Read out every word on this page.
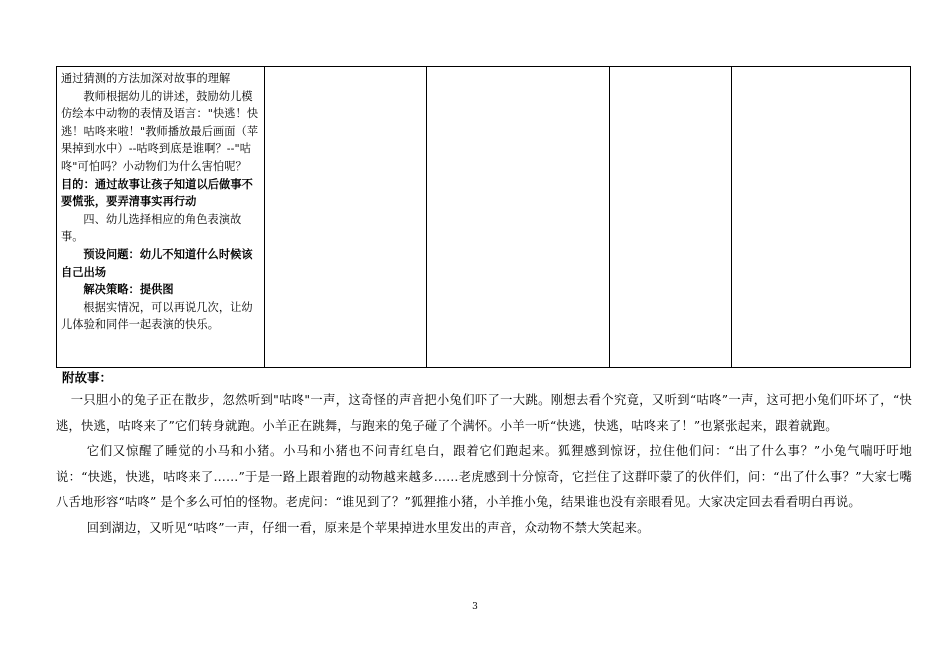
通过猜测的方法加深对故事的理解

教师根据幼儿的讲述，鼓励幼儿模仿绘本中动物的表情及语言："快逃！快逃！咕咚来啦！"教师播放最后画面（苹果掉到水中）--咕咚到底是谁啊？--"咕咚"可怕吗？小动物们为什么害怕呢？

目的：通过故事让孩子知道以后做事不要慌张，要弄清事实再行动

四、幼儿选择相应的角色表演故事。

预设问题：幼儿不知道什么时候该自己出场

解决策略：提供图

根据实情况，可以再说几次，让幼儿体验和同伴一起表演的快乐。

附故事：

一只胆小的兔子正在散步，忽然听到"咕咚"一声，这奇怪的声音把小兔们吓了一大跳。刚想去看个究竟，又听到“咕咚”一声，这可把小兔们吓坏了，“快逃，快逃，咕咚来了”它们转身就跑。小羊正在跳舞，与跑来的兔子碰了个满怀。小羊一听“快逃，快逃，咕咚来了！”也紧张起来，跟着就跑。

它们又惊醒了睡觉的小马和小猪。小马和小猪也不问青红皂白，跟着它们跑起来。狐狸感到惊讶，拉住他们问：“出了什么事？”小兔气喘吁吁地说：“快逃，快逃，咕咚来了……”于是一路上跟着跑的动物越来越多……老虎感到十分惊奇，它拦住了这群吓蒙了的伙伴们，问：“出了什么事？”大家七嘴八舌地形容“咕咚” 是个多么可怕的怪物。老虎问：“谁见到了？”狐狸推小猪，小羊推小兔，结果谁也没有亲眼看见。大家决定回去看看明白再说。

回到湖边，又听见“咕咚”一声，仔细一看，原来是个苹果掉进水里发出的声音，众动物不禁大笑起来。

3
